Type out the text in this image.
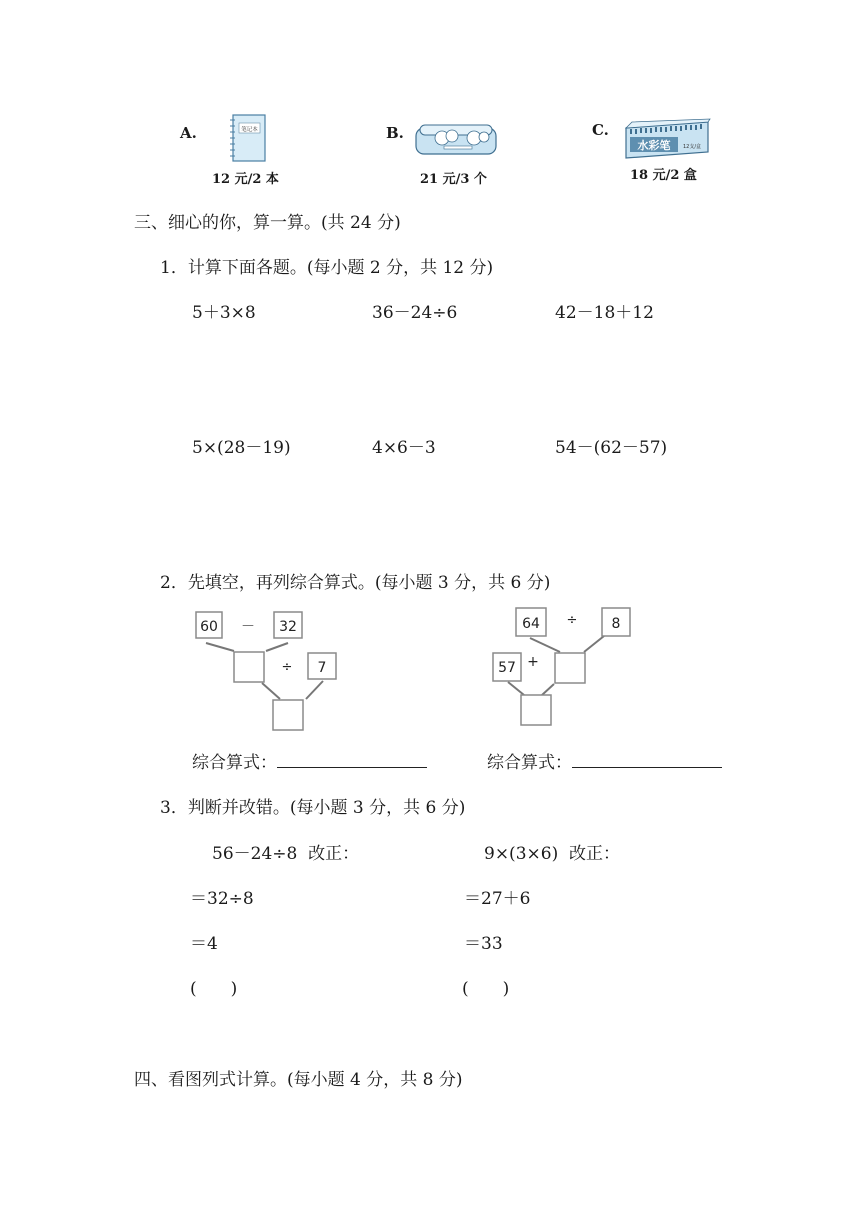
A.	笔记本
12 元/2 本
B.
21 元/3 个
C.
水彩笔 12支/盒
18 元/2 盒
三、细心的你，算一算。(共 24 分)
1．计算下面各题。(每小题 2 分，共 12 分)
5＋3×8	36－24÷6	42－18＋12
5×(28－19)	4×6－3	54－(62－57)
2．先填空，再列综合算式。(每小题 3 分，共 6 分)
60	32
－
÷ 7
64	8
÷
+
57
综合算式：	综合算式：
3．判断并改错。(每小题 3 分，共 6 分)
56－24÷8 改正：
＝32÷8
＝4
(　　)
9×(3×6) 改正：
＝27＋6
＝33
(　　)
四、看图列式计算。(每小题 4 分，共 8 分)
